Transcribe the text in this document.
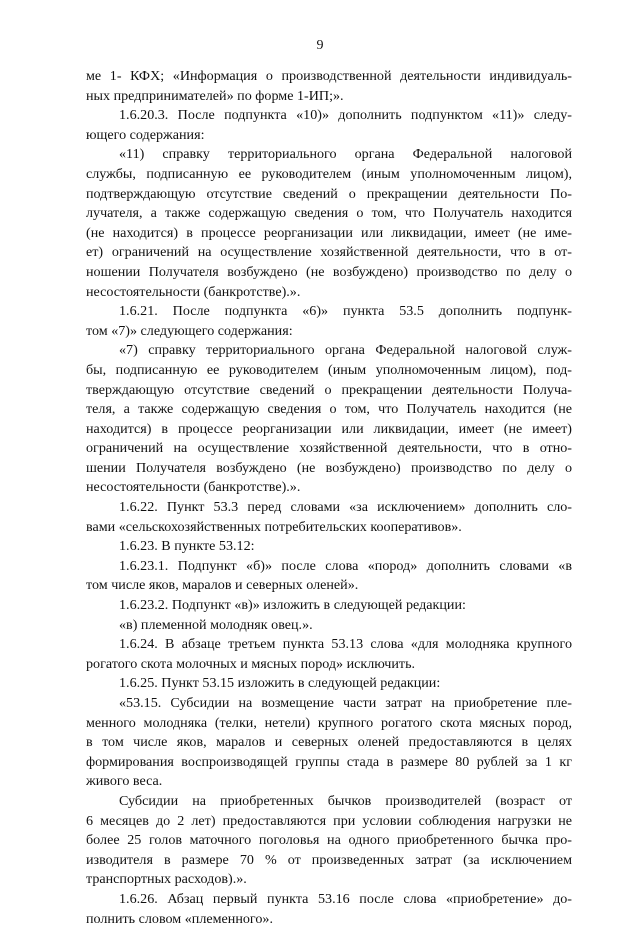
9
ме 1- КФХ; «Информация о производственной деятельности индивидуаль-
ных предпринимателей» по форме 1-ИП;».
1.6.20.3. После подпункта «10)» дополнить подпунктом «11)» следу-
ющего содержания:
«11) справку территориального органа Федеральной налоговой
службы, подписанную ее руководителем (иным уполномоченным лицом),
подтверждающую отсутствие сведений о прекращении деятельности По-
лучателя, а также содержащую сведения о том, что Получатель находится
(не находится) в процессе реорганизации или ликвидации, имеет (не име-
ет) ограничений на осуществление хозяйственной деятельности, что в от-
ношении Получателя возбуждено (не возбуждено) производство по делу о
несостоятельности (банкротстве).».
1.6.21. После подпункта «6)» пункта 53.5 дополнить подпунк-
том «7)» следующего содержания:
«7) справку территориального органа Федеральной налоговой служ-
бы, подписанную ее руководителем (иным уполномоченным лицом), под-
тверждающую отсутствие сведений о прекращении деятельности Получа-
теля, а также содержащую сведения о том, что Получатель находится (не
находится) в процессе реорганизации или ликвидации, имеет (не имеет)
ограничений на осуществление хозяйственной деятельности, что в отно-
шении Получателя возбуждено (не возбуждено) производство по делу о
несостоятельности (банкротстве).».
1.6.22. Пункт 53.3 перед словами «за исключением» дополнить сло-
вами «сельскохозяйственных потребительских кооперативов».
1.6.23. В пункте 53.12:
1.6.23.1. Подпункт «б)» после слова «пород» дополнить словами «в
том числе яков, маралов и северных оленей».
1.6.23.2. Подпункт «в)» изложить в следующей редакции:
«в) племенной молодняк овец.».
1.6.24. В абзаце третьем пункта 53.13 слова «для молодняка крупного
рогатого скота молочных и мясных пород» исключить.
1.6.25. Пункт 53.15 изложить в следующей редакции:
«53.15. Субсидии на возмещение части затрат на приобретение пле-
менного молодняка (телки, нетели) крупного рогатого скота мясных пород,
в том числе яков, маралов и северных оленей предоставляются в целях
формирования воспроизводящей группы стада в размере 80 рублей за 1 кг
живого веса.
Субсидии на приобретенных бычков производителей (возраст от
6 месяцев до 2 лет) предоставляются при условии соблюдения нагрузки не
более 25 голов маточного поголовья на одного приобретенного бычка про-
изводителя в размере 70 % от произведенных затрат (за исключением
транспортных расходов).».
1.6.26. Абзац первый пункта 53.16 после слова «приобретение» до-
полнить словом «племенного».
